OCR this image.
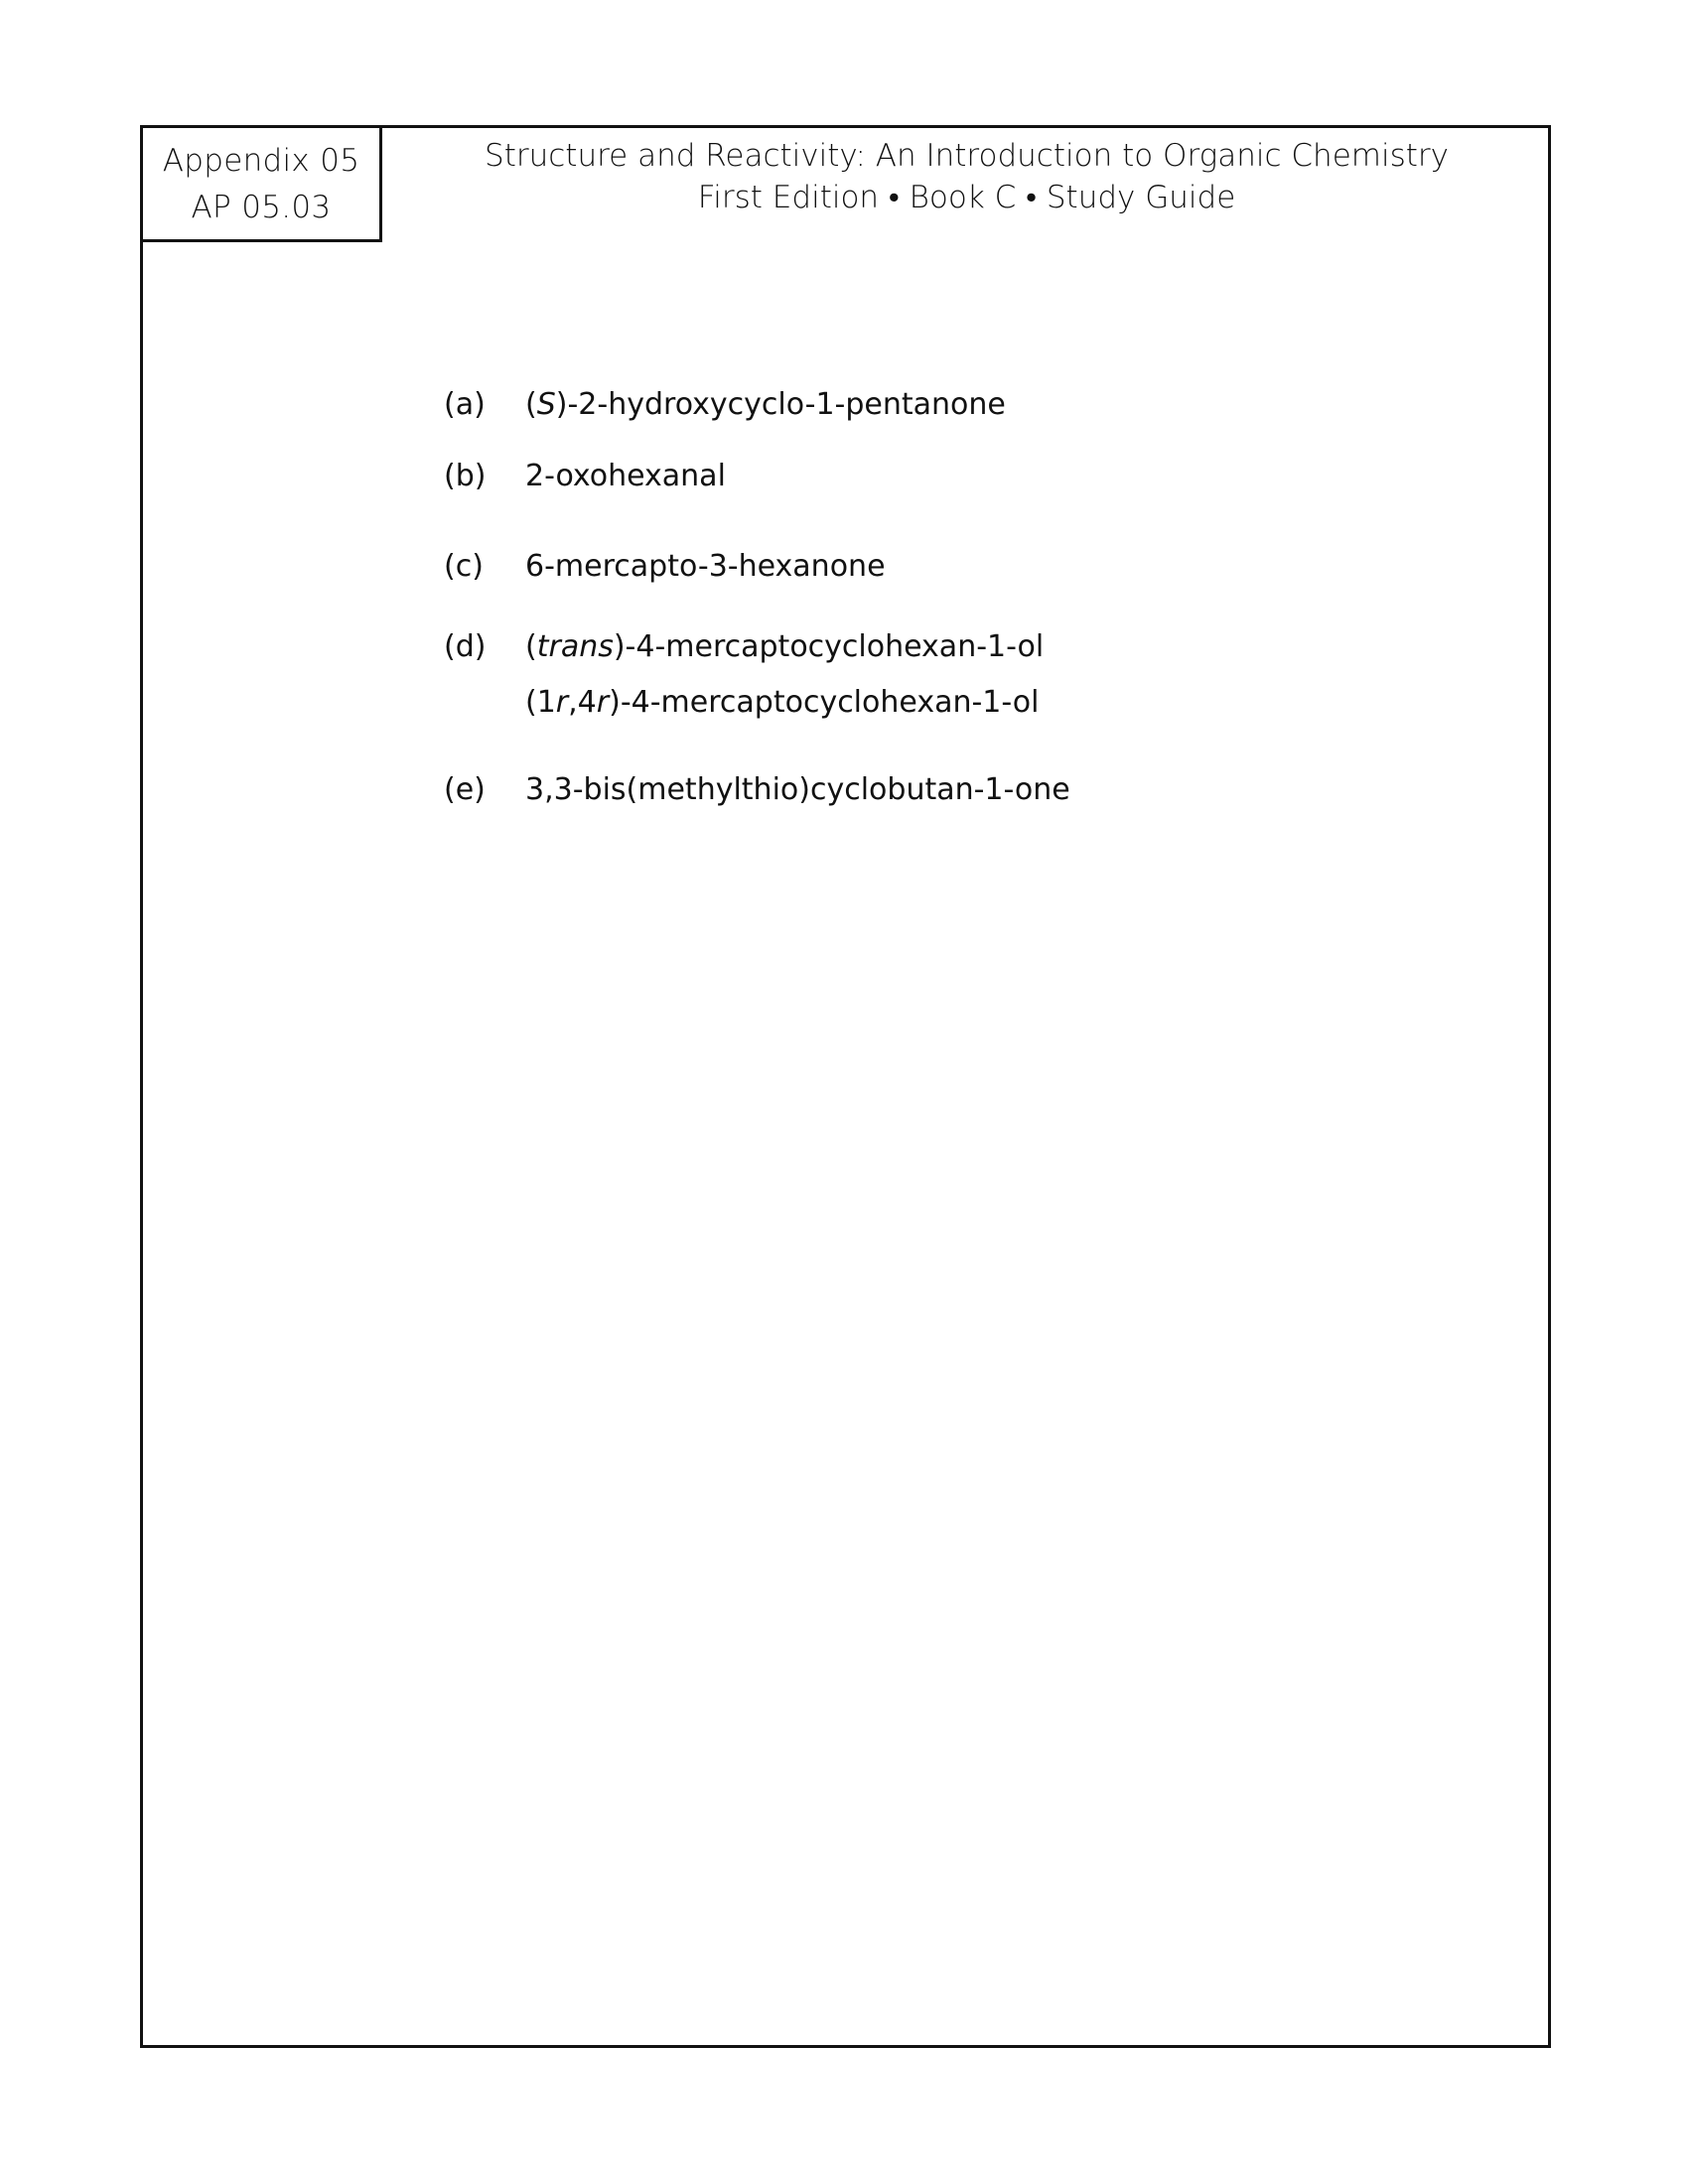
Appendix 05
AP 05.03
Structure and Reactivity: An Introduction to Organic Chemistry
First Edition • Book C • Study Guide
(a)	(S)-2-hydroxycyclo-1-pentanone
(b)	2-oxohexanal
(c)	6-mercapto-3-hexanone
(d)	(trans)-4-mercaptocyclohexan-1-ol
(1r,4r)-4-mercaptocyclohexan-1-ol
(e)	3,3-bis(methylthio)cyclobutan-1-one
